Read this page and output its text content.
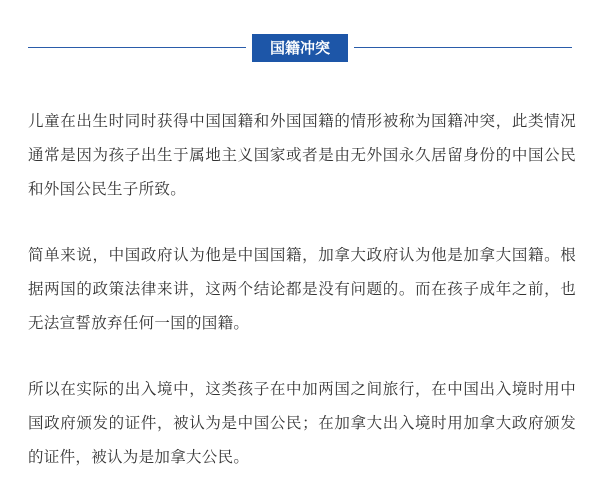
国籍冲突

儿童在出生时同时获得中国国籍和外国国籍的情形被称为国籍冲突，此类情况通常是因为孩子出生于属地主义国家或者是由无外国永久居留身份的中国公民和外国公民生子所致。

简单来说，中国政府认为他是中国国籍，加拿大政府认为他是加拿大国籍。根据两国的政策法律来讲，这两个结论都是没有问题的。而在孩子成年之前，也无法宣誓放弃任何一国的国籍。

所以在实际的出入境中，这类孩子在中加两国之间旅行，在中国出入境时用中国政府颁发的证件，被认为是中国公民；在加拿大出入境时用加拿大政府颁发的证件，被认为是加拿大公民。
